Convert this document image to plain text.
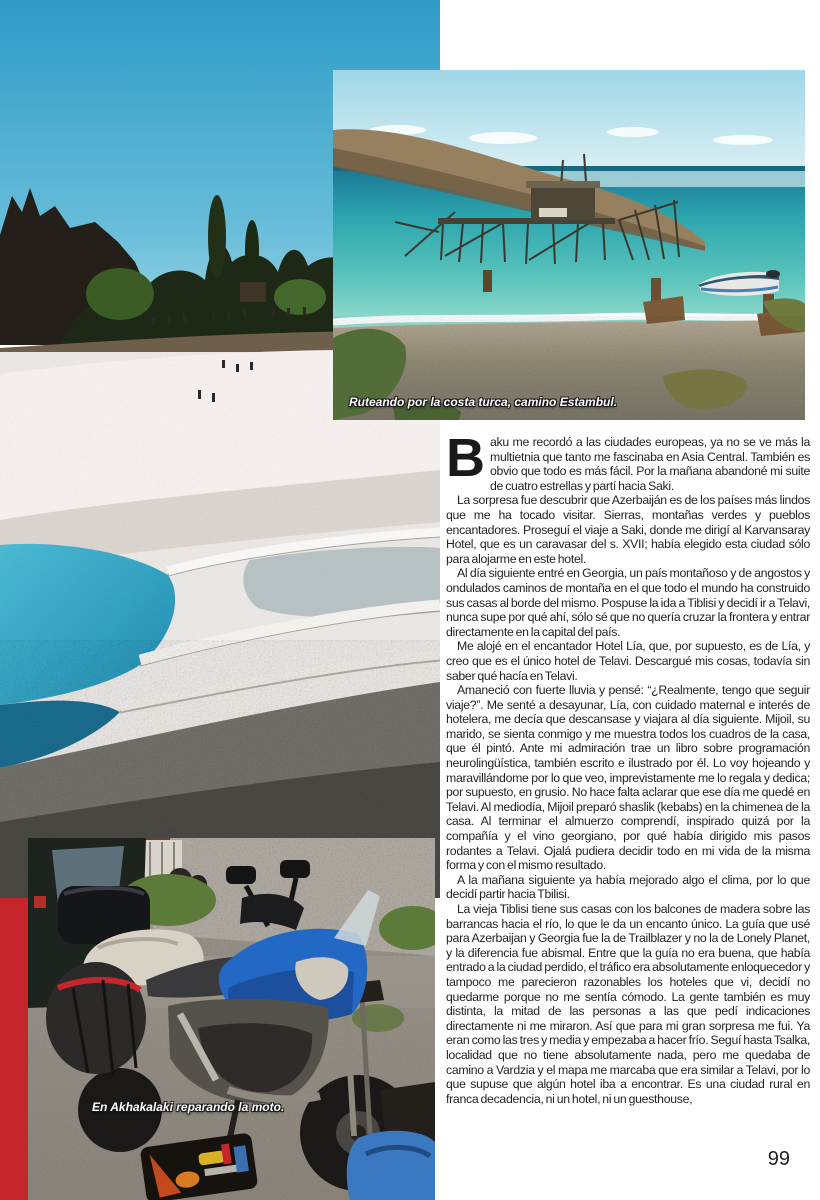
Ruteando por la costa turca, camino Estambul.
En Akhakalaki reparando la moto.

Baku me recordó a las ciudades europeas, ya no se ve más la multietnia que tanto me fascinaba en Asia Central. También es obvio que todo es más fácil. Por la mañana abandoné mi suite de cuatro estrellas y partí hacia Saki.

La sorpresa fue descubrir que Azerbaiján es de los países más lindos que me ha tocado visitar. Sierras, montañas verdes y pueblos encantadores. Proseguí el viaje a Saki, donde me dirigí al Karvansaray Hotel, que es un caravasar del s. XVII; había elegido esta ciudad sólo para alojarme en este hotel.

Al día siguiente entré en Georgia, un país montañoso y de angostos y ondulados caminos de montaña en el que todo el mundo ha construido sus casas al borde del mismo. Pospuse la ida a Tiblisi y decidí ir a Telavi, nunca supe por qué ahí, sólo sé que no quería cruzar la frontera y entrar directamente en la capital del país.

Me alojé en el encantador Hotel Lía, que, por supuesto, es de Lía, y creo que es el único hotel de Telavi. Descargué mis cosas, todavía sin saber qué hacía en Telavi.

Amaneció con fuerte lluvia y pensé: “¿Realmente, tengo que seguir viaje?”. Me senté a desayunar, Lía, con cuidado maternal e interés de hotelera, me decía que descansase y viajara al día siguiente. Mijoil, su marido, se sienta conmigo y me muestra todos los cuadros de la casa, que él pintó. Ante mi admiración trae un libro sobre programación neurolingüística, también escrito e ilustrado por él. Lo voy hojeando y maravillándome por lo que veo, imprevistamente me lo regala y dedica; por supuesto, en grusio. No hace falta aclarar que ese día me quedé en Telavi. Al mediodía, Mijoil preparó shaslik (kebabs) en la chimenea de la casa. Al terminar el almuerzo comprendí, inspirado quizá por la compañía y el vino georgiano, por qué había dirigido mis pasos rodantes a Telavi. Ojalá pudiera decidir todo en mi vida de la misma forma y con el mismo resultado.

A la mañana siguiente ya había mejorado algo el clima, por lo que decidí partir hacia Tbilisi.

La vieja Tiblisi tiene sus casas con los balcones de madera sobre las barrancas hacia el río, lo que le da un encanto único. La guía que usé para Azerbaijan y Georgia fue la de Trailblazer y no la de Lonely Planet, y la diferencia fue abismal. Entre que la guía no era buena, que había entrado a la ciudad perdido, el tráfico era absolutamente enloquecedor y tampoco me parecieron razonables los hoteles que vi, decidí no quedarme porque no me sentía cómodo. La gente también es muy distinta, la mitad de las personas a las que pedí indicaciones directamente ni me miraron. Así que para mi gran sorpresa me fui. Ya eran como las tres y media y empezaba a hacer frío. Seguí hasta Tsalka, localidad que no tiene absolutamente nada, pero me quedaba de camino a Vardzia y el mapa me marcaba que era similar a Telavi, por lo que supuse que algún hotel iba a encontrar. Es una ciudad rural en franca decadencia, ni un hotel, ni un guesthouse,

99
